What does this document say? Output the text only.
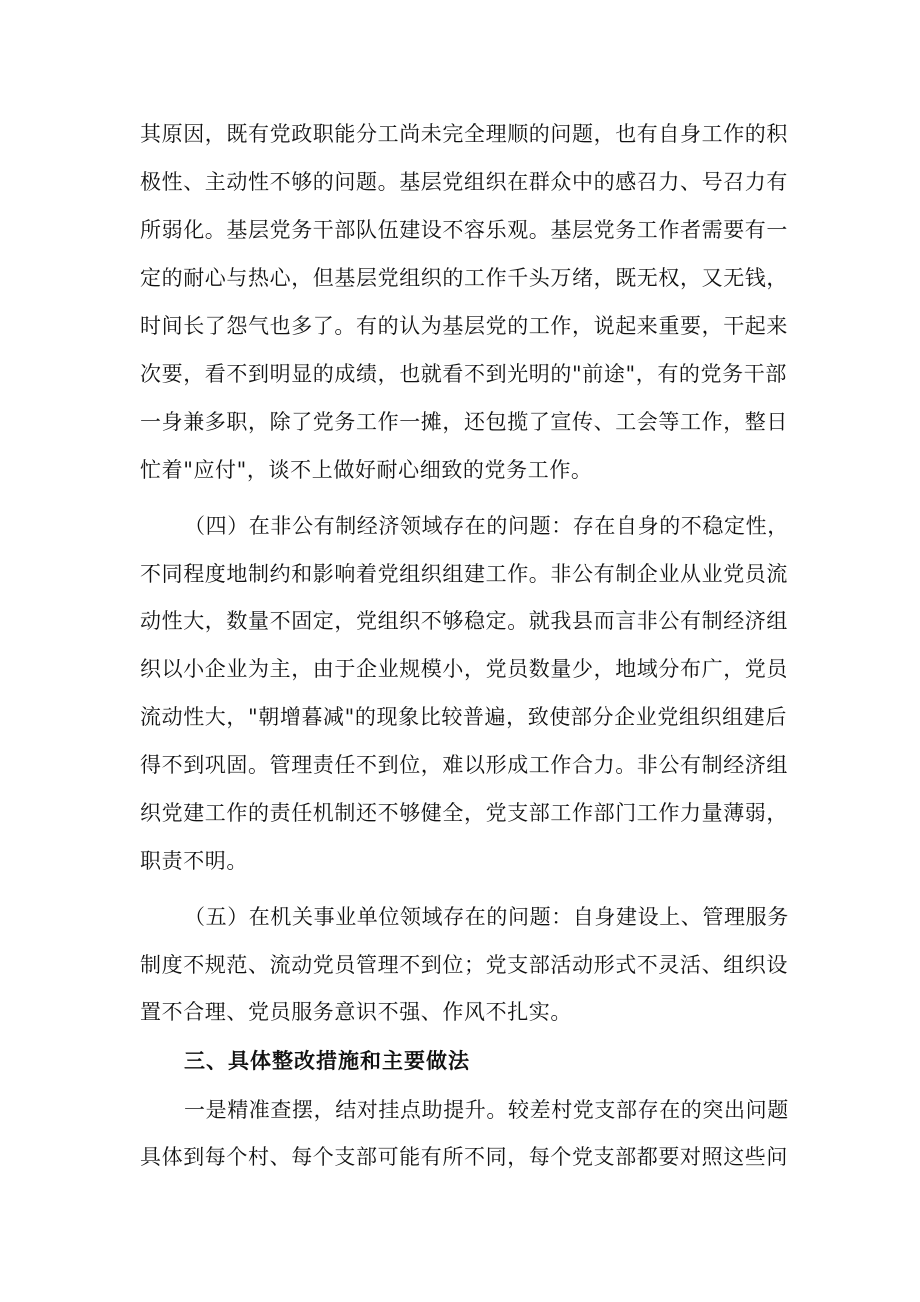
其原因，既有党政职能分工尚未完全理顺的问题，也有自身工作的积
极性、主动性不够的问题。基层党组织在群众中的感召力、号召力有
所弱化。基层党务干部队伍建设不容乐观。基层党务工作者需要有一
定的耐心与热心，但基层党组织的工作千头万绪，既无权，又无钱，
时间长了怨气也多了。有的认为基层党的工作，说起来重要，干起来
次要，看不到明显的成绩，也就看不到光明的"前途"，有的党务干部
一身兼多职，除了党务工作一摊，还包揽了宣传、工会等工作，整日
忙着"应付"，谈不上做好耐心细致的党务工作。
（四）在非公有制经济领域存在的问题：存在自身的不稳定性，
不同程度地制约和影响着党组织组建工作。非公有制企业从业党员流
动性大，数量不固定，党组织不够稳定。就我县而言非公有制经济组
织以小企业为主，由于企业规模小，党员数量少，地域分布广，党员
流动性大，"朝增暮减"的现象比较普遍，致使部分企业党组织组建后
得不到巩固。管理责任不到位，难以形成工作合力。非公有制经济组
织党建工作的责任机制还不够健全，党支部工作部门工作力量薄弱，
职责不明。
（五）在机关事业单位领域存在的问题：自身建设上、管理服务
制度不规范、流动党员管理不到位；党支部活动形式不灵活、组织设
置不合理、党员服务意识不强、作风不扎实。
三、具体整改措施和主要做法
一是精准查摆，结对挂点助提升。较差村党支部存在的突出问题
具体到每个村、每个支部可能有所不同，每个党支部都要对照这些问
